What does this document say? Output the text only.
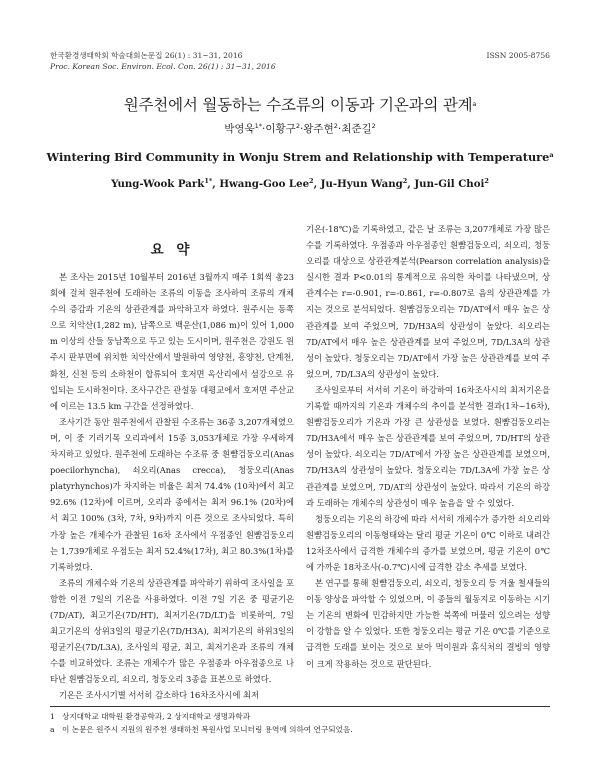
한국환경생태학회 학술대회논문집 26(1) : 31~31, 2016
Proc. Korean Soc. Environ. Ecol. Con. 26(1) : 31~31, 2016
ISSN 2005-8756
원주천에서 월동하는 수조류의 이동과 기온과의 관계$^a$
박영욱$^{1*}$·이황구$^2$·왕주현$^2$·최준길$^2$
Wintering Bird Community in Wonju Strem and Relationship with Temperature$^a$
Yung-Wook Park$^{1*}$, Hwang-Goo Lee$^2$, Ju-Hyun Wang$^2$, Jun-Gil Choi$^2$
요 약

본 조사는 2015년 10월부터 2016년 3월까지 매주 1회씩 총23회에 걸쳐 원주천에 도래하는 조류의 이동을 조사하여 조류의 개체수의 증감과 기온의 상관관계를 파악하고자 하였다. 원주시는 동쪽으로 치악산(1,282 m), 남쪽으로 백운산(1,086 m)이 있어 1,000 m 이상의 산들 둥남쪽으로 두고 있는 도시이며, 원주천은 강원도 원주시 판부면에 위치한 치악산에서 발원하여 영양천, 흥양천, 단계천, 화천, 신천 등의 소하천이 합류되어 호저면 옥산리에서 섬강으로 유입되는 도시하천이다. 조사구간은 관설동 대평교에서 호저면 주산교에 이르는 13.5 km 구간을 선정하였다.

조사기간 동안 원주천에서 관찰된 수조류는 36종 3,207개체였으며, 이 중 기러기목 오리과에서 15종 3,053개체로 가장 우세하게 차지하고 있었다. 원주천에 도래하는 수조류 중 흰뺨검둥오리(Anas poecilorhyncha), 쇠오리(Anas crecca), 청둥오리(Anas platyrhynchos)가 차지하는 비율은 최저 74.4% (10차)에서 최고 92.6% (12차)에 이르며, 오리과 종에서는 최저 96.1% (20차)에서 최고 100% (3차, 7차, 9차)까지 이른 것으로 조사되었다. 특히 가장 높은 개체수가 관찰된 16차 조사에서 우점종인 흰뺨검둥오리는 1,739개체로 우점도는 최저 52.4%(17차), 최고 80.3%(1차)를 기록하였다.

조류의 개체수와 기온의 상관관계를 파악하기 위하여 조사일을 포함한 이전 7일의 기온을 사용하였다. 이전 7일 기온 중 평균기온(7D/AT), 최고기온(7D/HT), 최저기온(7D/LT)을 비롯하여, 7일 최고기온의 상위3일의 평균기온(7D/H3A), 최저기온의 하위3일의 평균기온(7D/L3A), 조사일의 평균, 최고, 최저기온과 조류의 개체수를 비교하였다. 조류는 개체수가 많은 우점종과 아우점종으로 나타난 흰뺨검둥오리, 쇠오리, 청둥오리 3종을 표본으로 하였다.

기온은 조사시기별 서서히 감소하다 16차조사시에 최저

기온(-18℃)을 기록하였고, 같은 날 조류는 3,207개체로 가장 많은 수를 기록하였다. 우점종과 아우점종인 흰뺨검둥오리, 쇠오리, 청둥오리를 대상으로 상관관계분석(Pearson correlation analysis)을 실시한 결과 P<0.01의 통계적으로 유의한 차이를 나타냈으며, 상관계수는 r=-0.901, r=-0.861, r=-0.807로 음의 상관관계를 가지는 것으로 분석되었다. 흰뺨검둥오리는 7D/AT에서 매우 높은 상관관계를 보여 주었으며, 7D/H3A의 상관성이 높았다. 쇠오리는 7D/AT에서 매우 높은 상관관계를 보여 주었으며, 7D/L3A의 상관성이 높았다. 청둥오리는 7D/AT에서 가장 높은 상관관계를 보여 주었으며, 7D/L3A의 상관성이 높았다.

조사일로부터 서서히 기온이 하강하여 16차조사시의 최저기온을 기록할 때까지의 기온과 개체수의 추이를 분석한 결과(1차~16차), 흰뺨검둥오리가 기온과 가장 큰 상관성을 보였다. 흰뺨검둥오리는 7D/H3A에서 매우 높은 상관관계를 보여 주었으며, 7D/HT의 상관성이 높았다. 쇠오리는 7D/AT에서 가장 높은 상관관계를 보였으며, 7D/H3A의 상관성이 높았다. 청둥오리는 7D/L3A에 가장 높은 상관관계를 보였으며, 7D/AT의 상관성이 높았다. 따라서 기온의 하강과 도래하는 개체수의 상관성이 매우 높음을 알 수 있었다.

청둥오리는 기온의 하강에 따라 서서히 개체수가 증가한 쇠오리와 흰뺨검둥오리의 이동형태와는 달리 평균 기온이 0℃ 이하로 내려간 12차조사에서 급격한 개체수의 증가를 보였으며, 평균 기온이 0℃에 가까운 18차조사(-0.7℃)시에 급격한 감소 추세를 보였다.

본 연구를 통해 흰뺨검둥오리, 쇠오리, 청둥오리 등 겨울 철새들의 이동 양상을 파악할 수 있었으며, 이 종들의 월동지로 이동하는 시기는 기온의 변화에 민감하지만 가능한 북쪽에 머물러 있으려는 성향이 강함을 알 수 있었다. 또한 청둥오리는 평균 기온 0℃를 기준으로 급격한 도래를 보이는 것으로 보아 먹이원과 휴식처의 결빙의 영향이 크게 작용하는 것으로 판단된다.

1 상지대학교 대학원 환경공학과, 2 상지대학교 생명과학과
a 이 논문은 원주시 지원의 원주천 생태하천 복원사업 모니터링 용역에 의하여 연구되었음.
